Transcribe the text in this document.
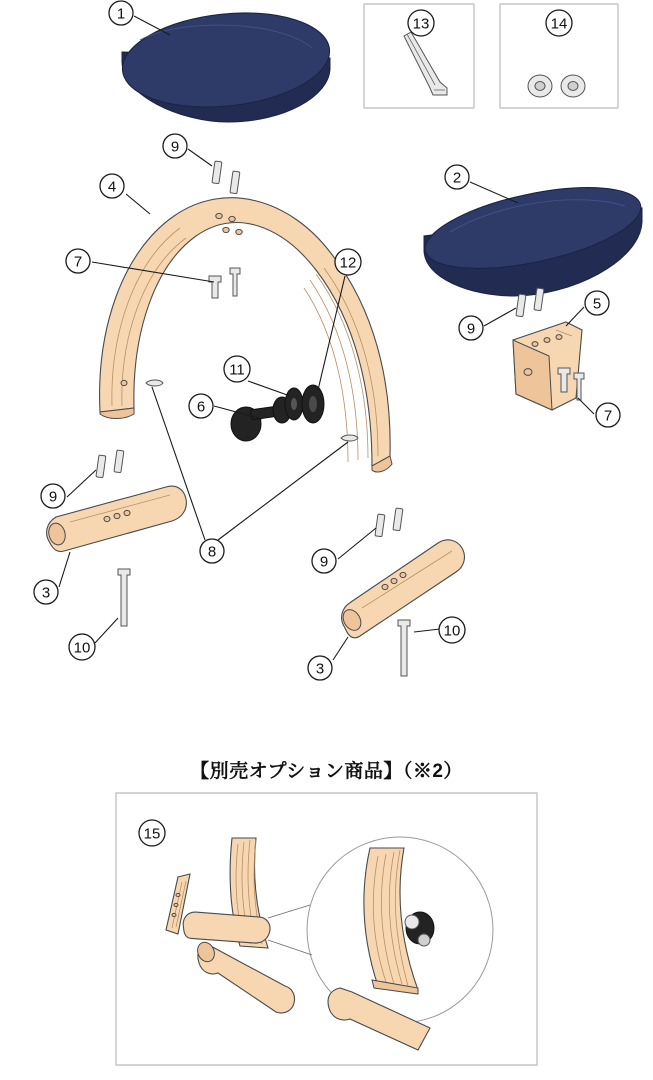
1
2
3
3
4
5
6
7
7
8
9
9
9
9
10
10
11
12
13	14
15
【別売オプション商品】（※2）
